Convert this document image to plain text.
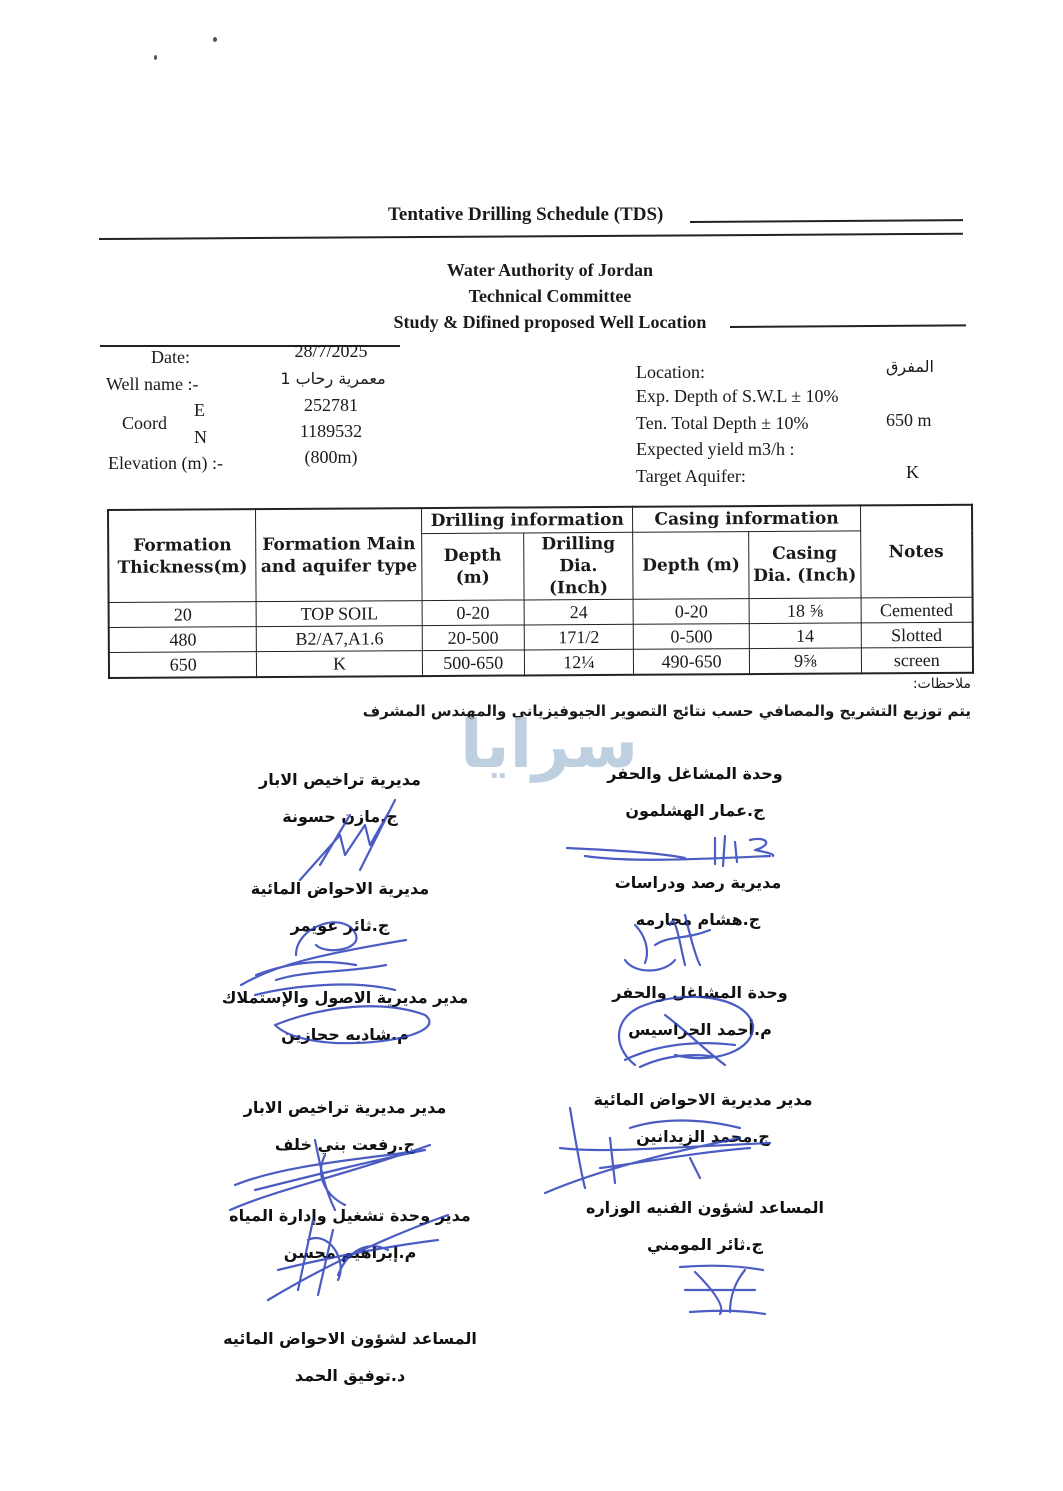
Tentative Drilling Schedule (TDS)
Water Authority of Jordan
Technical Committee
Study & Difined proposed Well Location
Date:	28/7/2025
Well name :-	معمرية رحاب 1
Coord
E	252781
N	1189532
Elevation (m) :-	(800m)
Location:	المفرق
Exp. Depth of S.W.L ± 10%
Ten. Total Depth ± 10%	650 m
Expected yield m3/h :
Target Aquifer:	K
Formation Thickness(m)	Formation Main and aquifer type	Drilling information		Casing information		Notes
		Depth (m)	Drilling Dia. (Inch)	Depth (m)	Casing Dia. (Inch)	
20	TOP SOIL	0-20	24	0-20	18 ⅝	Cemented
480	B2/A7,A1.6	20-500	171/2	0-500	14	Slotted
650	K	500-650	12¼	490-650	9⅝	screen
ملاحظات:
يتم توزيع التشريح والمصافي حسب نتائج التصوير الجيوفيزياني والمهندس المشرف
سرايا
مديرية تراخيص الابار
ج.مازن حسونة
مديرية الاحواض المائية
ج.ثائر عويمر
مدير مديرية الاصول والإستملاك
م.شاديه حجازين
مدير مديرية تراخيص الابار
ج.رفعت بني خلف
مدير وحدة تشغيل وإدارة المياه
م.إبراهيم محسن
المساعد لشؤون الاحواض المائيه
د.توفيق الحمد
وحدة المشاغل والحفر
ج.عمار الهشلمون
مديرية رصد ودراسات
ج.هشام محارمه
وحدة المشاغل والحفر
م.أحمد الحراسيس
مدير مديرية الاحواض المائية
ج.محمد الزيدانين
المساعد لشؤون الفنيه الوزاره
ج.ثائر المومني
